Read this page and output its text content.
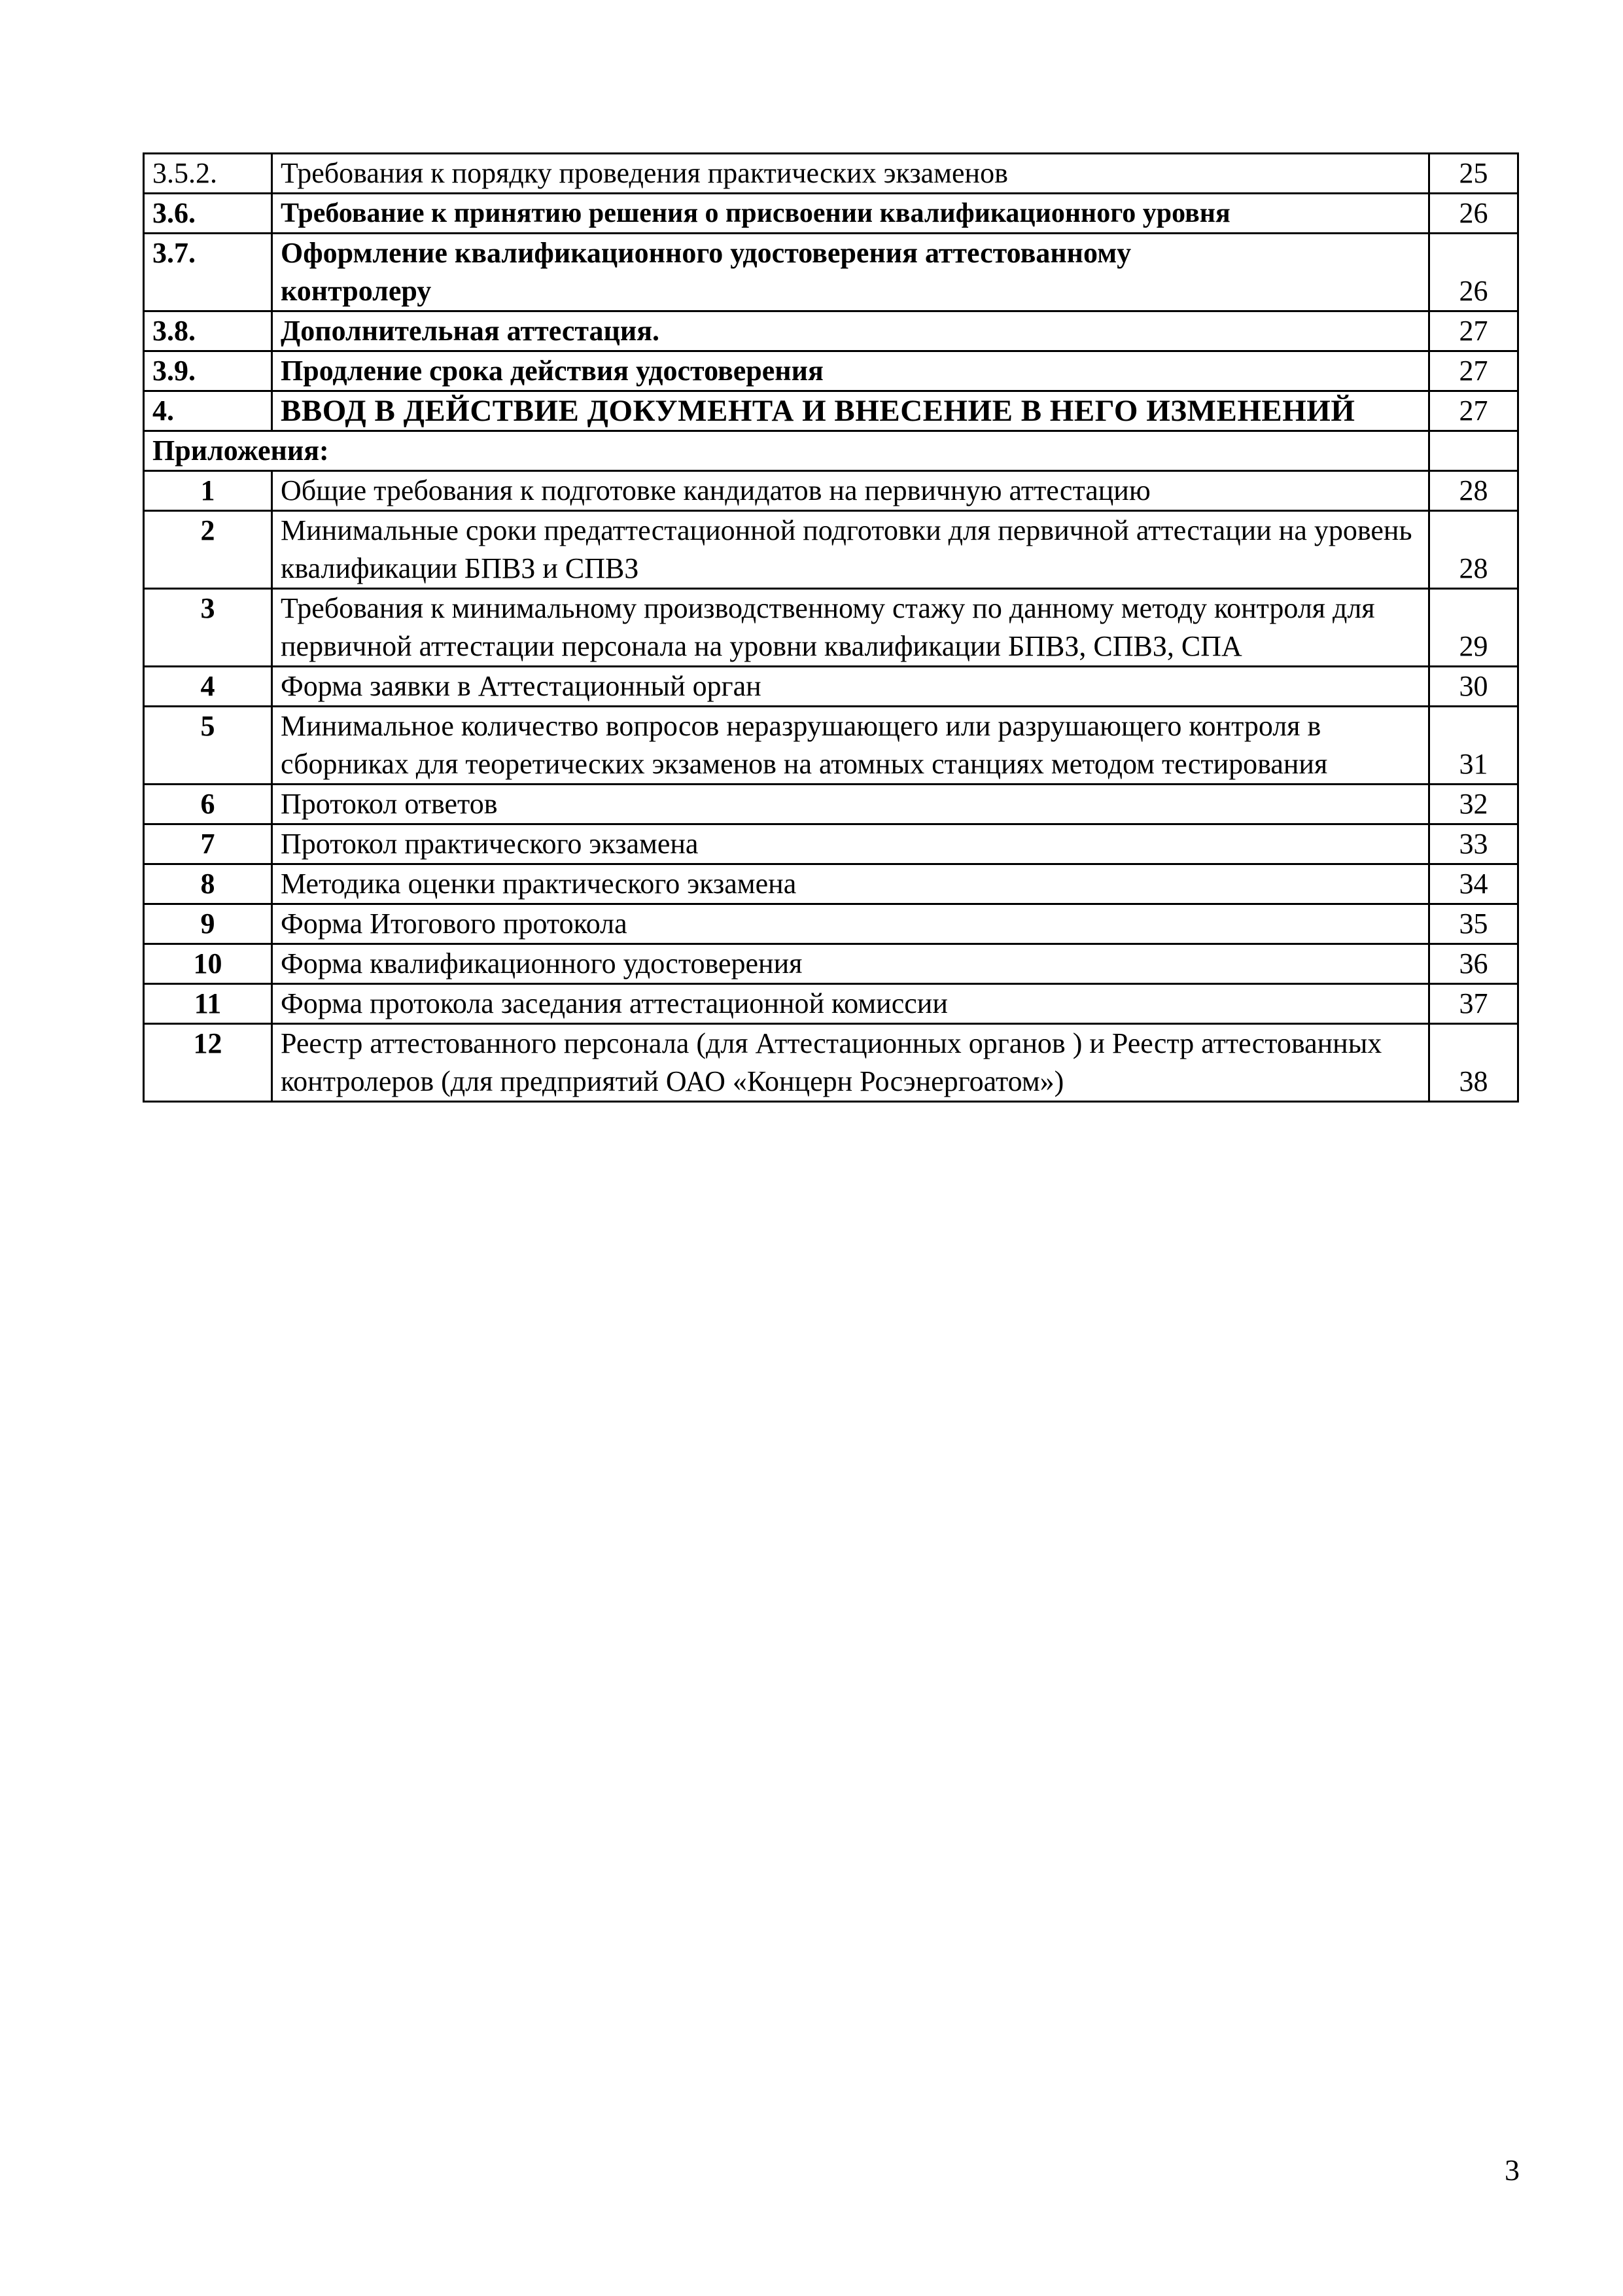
3.5.2.	Требования к порядку проведения практических экзаменов	25
3.6.	Требование к принятию решения о присвоении квалификационного уровня	26
3.7.	Оформление квалификационного удостоверения аттестованному контролеру	26
3.8.	Дополнительная аттестация.	27
3.9.	Продление срока действия удостоверения	27
4.	ВВОД В ДЕЙСТВИЕ ДОКУМЕНТА И ВНЕСЕНИЕ В НЕГО ИЗМЕНЕНИЙ	27
Приложения:		
1	Общие требования к подготовке кандидатов на первичную аттестацию	28
2	Минимальные сроки предаттестационной подготовки для первичной аттестации на уровень квалификации БПВЗ и СПВЗ	28
3	Требования к минимальному производственному стажу по данному методу контроля для первичной аттестации персонала на уровни квалификации БПВЗ, СПВЗ, СПА	29
4	Форма заявки в Аттестационный орган	30
5	Минимальное количество вопросов неразрушающего или разрушающего контроля в сборниках для теоретических экзаменов на атомных станциях методом тестирования	31
6	Протокол ответов	32
7	Протокол практического экзамена	33
8	Методика оценки практического экзамена	34
9	Форма Итогового протокола	35
10	Форма квалификационного удостоверения	36
11	Форма протокола заседания аттестационной комиссии	37
12	Реестр аттестованного персонала (для Аттестационных органов ) и Реестр аттестованных контролеров (для предприятий ОАО «Концерн Росэнергоатом»)	38
3
